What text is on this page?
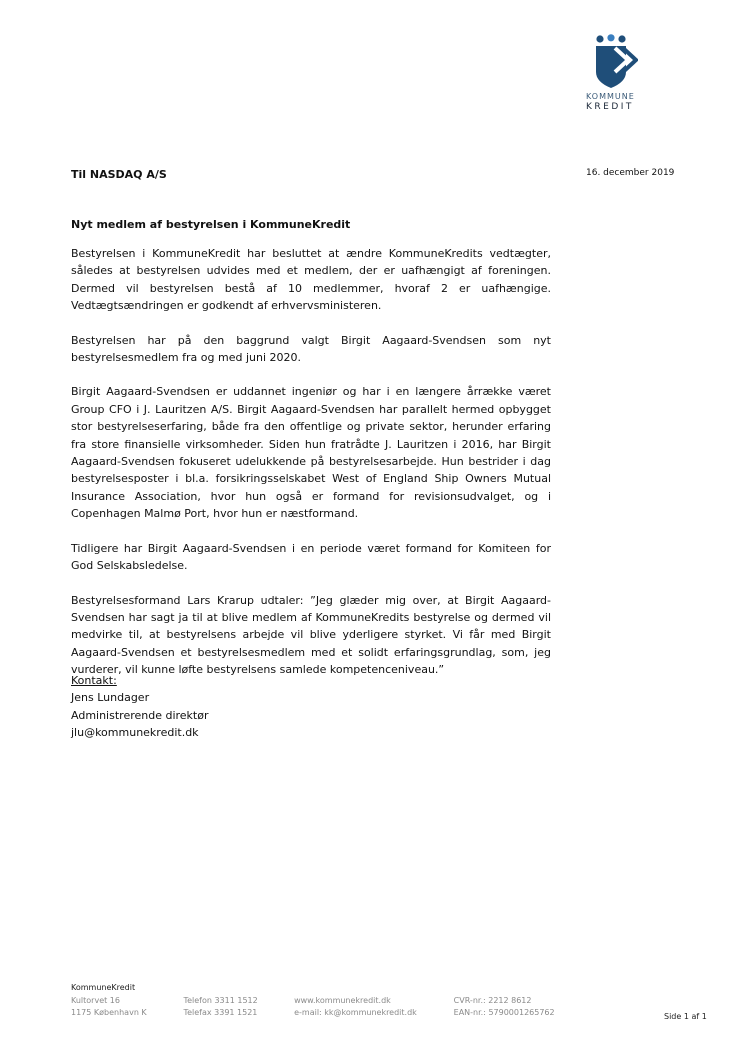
KOMMUNE
KREDIT
Til NASDAQ A/S	16. december 2019
Nyt medlem af bestyrelsen i KommuneKredit

Bestyrelsen i KommuneKredit har besluttet at ændre KommuneKredits vedtægter, således at bestyrelsen udvides med et medlem, der er uafhængigt af foreningen. Dermed vil bestyrelsen bestå af 10 medlemmer, hvoraf 2 er uafhængige. Vedtægtsændringen er godkendt af erhvervsministeren.

Bestyrelsen har på den baggrund valgt Birgit Aagaard-Svendsen som nyt bestyrelsesmedlem fra og med juni 2020.

Birgit Aagaard-Svendsen er uddannet ingeniør og har i en længere årrække været Group CFO i J. Lauritzen A/S. Birgit Aagaard-Svendsen har parallelt hermed opbygget stor bestyrelseserfaring, både fra den offentlige og private sektor, herunder erfaring fra store finansielle virksomheder. Siden hun fratrådte J. Lauritzen i 2016, har Birgit Aagaard-Svendsen fokuseret udelukkende på bestyrelsesarbejde. Hun bestrider i dag bestyrelsesposter i bl.a. forsikringsselskabet West of England Ship Owners Mutual Insurance Association, hvor hun også er formand for revisionsudvalget, og i Copenhagen Malmø Port, hvor hun er næstformand.

Tidligere har Birgit Aagaard-Svendsen i en periode været formand for Komiteen for God Selskabsledelse.

Bestyrelsesformand Lars Krarup udtaler: ”Jeg glæder mig over, at Birgit Aagaard-Svendsen har sagt ja til at blive medlem af KommuneKredits bestyrelse og dermed vil medvirke til, at bestyrelsens arbejde vil blive yderligere styrket. Vi får med Birgit Aagaard-Svendsen et bestyrelsesmedlem med et solidt erfaringsgrundlag, som, jeg vurderer, vil kunne løfte bestyrelsens samlede kompetenceniveau.”

Kontakt:
Jens Lundager
Administrerende direktør
jlu@kommunekredit.dk
KommuneKredit
Kultorvet 16	Telefon 3311 1512	www.kommunekredit.dk	CVR-nr.: 2212 8612
1175 København K	Telefax 3391 1521	e-mail: kk@kommunekredit.dk	EAN-nr.: 5790001265762	Side 1 af 1
